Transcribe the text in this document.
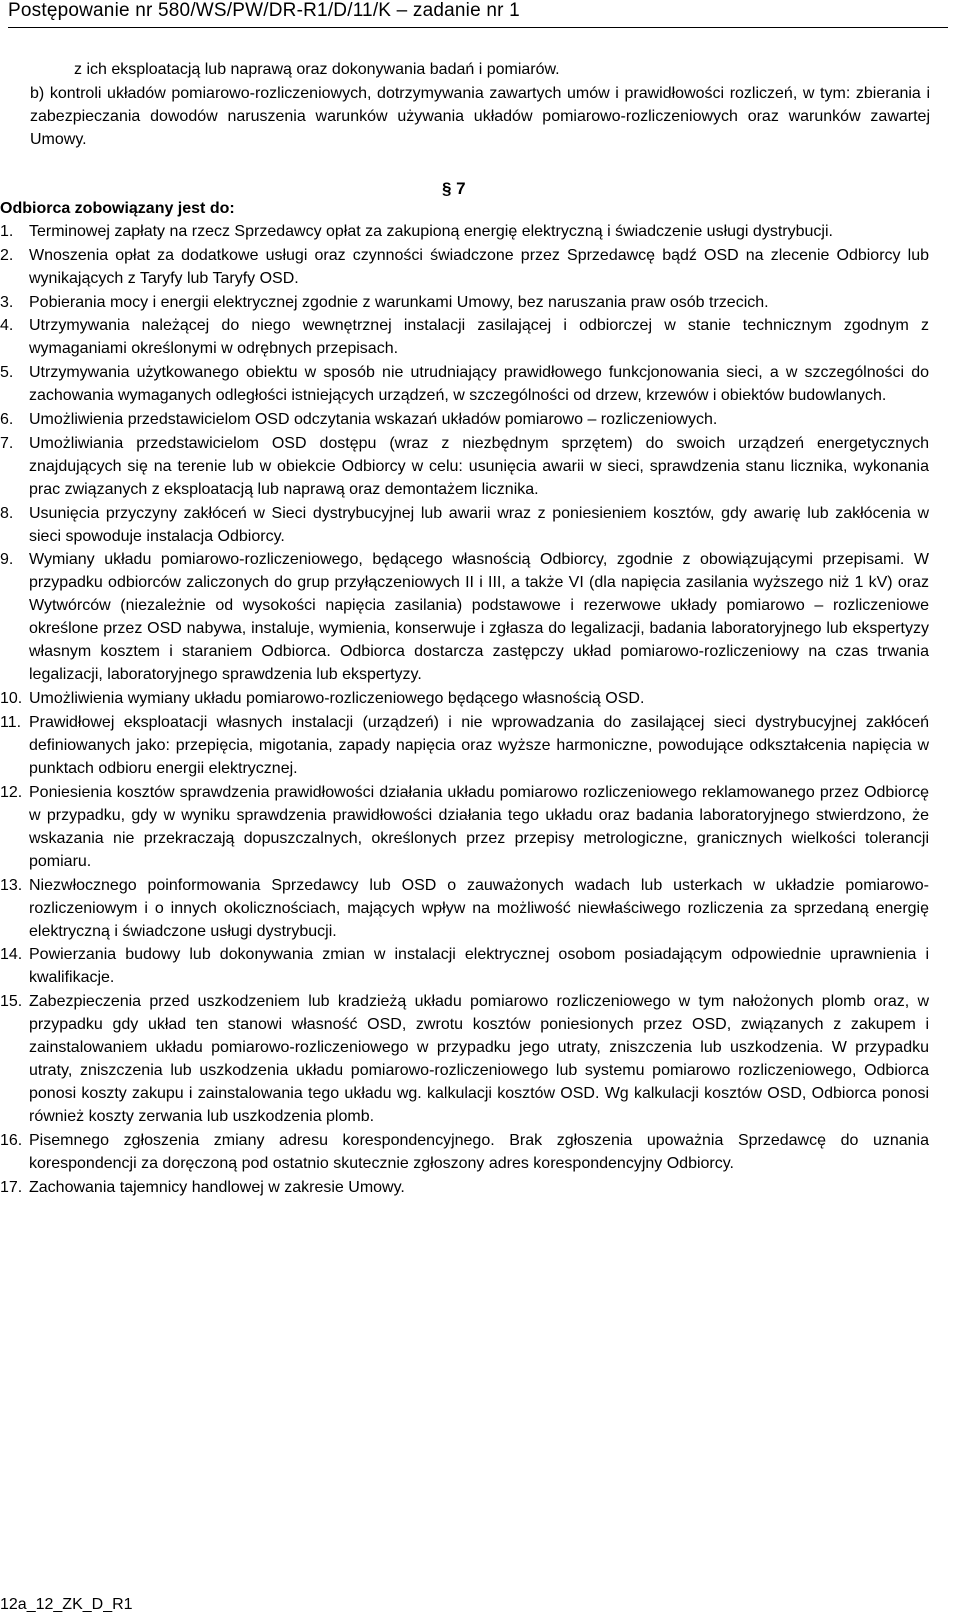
Postępowanie nr 580/WS/PW/DR-R1/D/11/K – zadanie nr 1
z ich eksploatacją lub naprawą oraz dokonywania badań i pomiarów.
b) kontroli układów pomiarowo-rozliczeniowych, dotrzymywania zawartych umów i prawidłowości rozliczeń, w tym: zbierania i zabezpieczania dowodów naruszenia warunków używania układów pomiarowo-rozliczeniowych oraz warunków zawartej Umowy.
§ 7
Odbiorca zobowiązany jest do:
1. Terminowej zapłaty na rzecz Sprzedawcy opłat za zakupioną energię elektryczną i świadczenie usługi dystrybucji.
2. Wnoszenia opłat za dodatkowe usługi oraz czynności świadczone przez Sprzedawcę bądź OSD na zlecenie Odbiorcy lub wynikających z Taryfy lub Taryfy OSD.
3. Pobierania mocy i energii elektrycznej zgodnie z warunkami Umowy, bez naruszania praw osób trzecich.
4. Utrzymywania należącej do niego wewnętrznej instalacji zasilającej i odbiorczej w stanie technicznym zgodnym z wymaganiami określonymi w odrębnych przepisach.
5. Utrzymywania użytkowanego obiektu w sposób nie utrudniający prawidłowego funkcjonowania sieci, a w szczególności do zachowania wymaganych odległości istniejących urządzeń, w szczególności od drzew, krzewów i obiektów budowlanych.
6. Umożliwienia przedstawicielom OSD odczytania wskazań układów pomiarowo – rozliczeniowych.
7. Umożliwiania przedstawicielom OSD dostępu (wraz z niezbędnym sprzętem) do swoich urządzeń energetycznych znajdujących się na terenie lub w obiekcie Odbiorcy w celu: usunięcia awarii w sieci, sprawdzenia stanu licznika, wykonania prac związanych z eksploatacją lub naprawą oraz demontażem licznika.
8. Usunięcia przyczyny zakłóceń w Sieci dystrybucyjnej lub awarii wraz z poniesieniem kosztów, gdy awarię lub zakłócenia w sieci spowoduje instalacja Odbiorcy.
9. Wymiany układu pomiarowo-rozliczeniowego, będącego własnością Odbiorcy, zgodnie z obowiązującymi przepisami. W przypadku odbiorców zaliczonych do grup przyłączeniowych II i III, a także VI (dla napięcia zasilania wyższego niż 1 kV) oraz Wytwórców (niezależnie od wysokości napięcia zasilania) podstawowe i rezerwowe układy pomiarowo – rozliczeniowe określone przez OSD nabywa, instaluje, wymienia, konserwuje i zgłasza do legalizacji, badania laboratoryjnego lub ekspertyzy własnym kosztem i staraniem Odbiorca. Odbiorca dostarcza zastępczy układ pomiarowo-rozliczeniowy na czas trwania legalizacji, laboratoryjnego sprawdzenia lub ekspertyzy.
10. Umożliwienia wymiany układu pomiarowo-rozliczeniowego będącego własnością OSD.
11. Prawidłowej eksploatacji własnych instalacji (urządzeń) i nie wprowadzania do zasilającej sieci dystrybucyjnej zakłóceń definiowanych jako: przepięcia, migotania, zapady napięcia oraz wyższe harmoniczne, powodujące odkształcenia napięcia w punktach odbioru energii elektrycznej.
12. Poniesienia kosztów sprawdzenia prawidłowości działania układu pomiarowo rozliczeniowego reklamowanego przez Odbiorcę w przypadku, gdy w wyniku sprawdzenia prawidłowości działania tego układu oraz badania laboratoryjnego stwierdzono, że wskazania nie przekraczają dopuszczalnych, określonych przez przepisy metrologiczne, granicznych wielkości tolerancji pomiaru.
13. Niezwłocznego poinformowania Sprzedawcy lub OSD o zauważonych wadach lub usterkach w układzie pomiarowo-rozliczeniowym i o innych okolicznościach, mających wpływ na możliwość niewłaściwego rozliczenia za sprzedaną energię elektryczną i świadczone usługi dystrybucji.
14. Powierzania budowy lub dokonywania zmian w instalacji elektrycznej osobom posiadającym odpowiednie uprawnienia i kwalifikacje.
15. Zabezpieczenia przed uszkodzeniem lub kradzieżą układu pomiarowo rozliczeniowego w tym nałożonych plomb oraz, w przypadku gdy układ ten stanowi własność OSD, zwrotu kosztów poniesionych przez OSD, związanych z zakupem i zainstalowaniem układu pomiarowo-rozliczeniowego w przypadku jego utraty, zniszczenia lub uszkodzenia. W przypadku utraty, zniszczenia lub uszkodzenia układu pomiarowo-rozliczeniowego lub systemu pomiarowo rozliczeniowego, Odbiorca ponosi koszty zakupu i zainstalowania tego układu wg. kalkulacji kosztów OSD. Wg kalkulacji kosztów OSD, Odbiorca ponosi również koszty zerwania lub uszkodzenia plomb.
16. Pisemnego zgłoszenia zmiany adresu korespondencyjnego. Brak zgłoszenia upoważnia Sprzedawcę do uznania korespondencji za doręczoną pod ostatnio skutecznie zgłoszony adres korespondencyjny Odbiorcy.
17. Zachowania tajemnicy handlowej w zakresie Umowy.
12a_12_ZK_D_R1
